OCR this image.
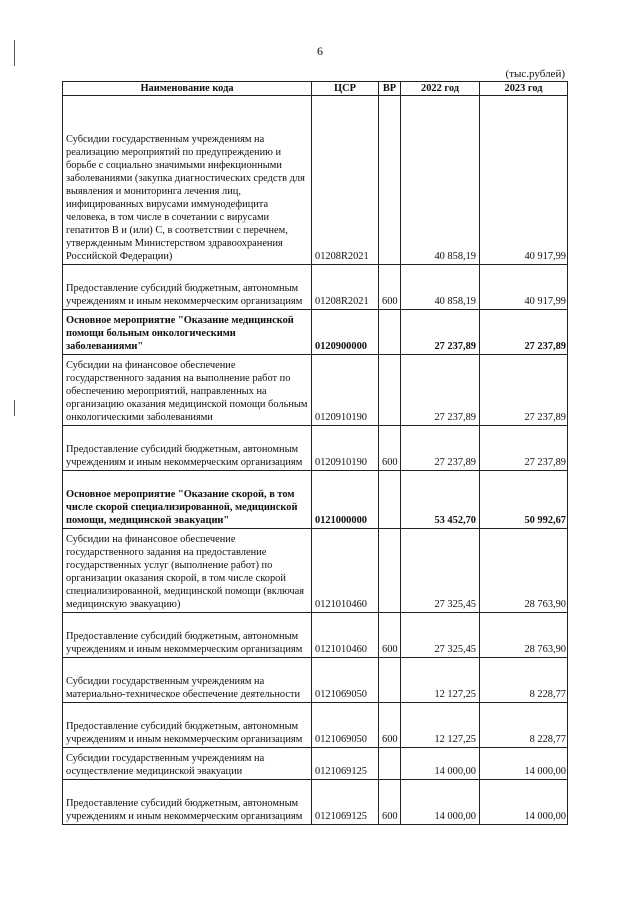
6
(тыс.рублей)
Наименование кода	ЦСР	ВР	2022 год	2023 год
Субсидии государственным учреждениям на реализацию мероприятий по предупреждению и борьбе с социально значимыми инфекционными заболеваниями (закупка диагностических средств для выявления и мониторинга лечения лиц, инфицированных вирусами иммунодефицита человека, в том числе в сочетании с вирусами гепатитов В и (или) С, в соответствии с перечнем, утвержденным Министерством здравоохранения Российской Федерации)	01208R2021		40 858,19	40 917,99
Предоставление субсидий бюджетным, автономным учреждениям и иным некоммерческим организациям	01208R2021	600	40 858,19	40 917,99
Основное мероприятие "Оказание медицинской помощи больным онкологическими заболеваниями"	0120900000		27 237,89	27 237,89
Субсидии на финансовое обеспечение государственного задания на выполнение работ по обеспечению мероприятий, направленных на организацию оказания медицинской помощи больным онкологическими заболеваниями	0120910190		27 237,89	27 237,89
Предоставление субсидий бюджетным, автономным учреждениям и иным некоммерческим организациям	0120910190	600	27 237,89	27 237,89
Основное мероприятие "Оказание скорой, в том числе скорой специализированной, медицинской помощи, медицинской эвакуации"	0121000000		53 452,70	50 992,67
Субсидии на финансовое обеспечение государственного задания на предоставление государственных услуг (выполнение работ) по организации оказания скорой, в том числе скорой специализированной, медицинской помощи (включая медицинскую эвакуацию)	0121010460		27 325,45	28 763,90
Предоставление субсидий бюджетным, автономным учреждениям и иным некоммерческим организациям	0121010460	600	27 325,45	28 763,90
Субсидии государственным учреждениям на материально-техническое обеспечение деятельности	0121069050		12 127,25	8 228,77
Предоставление субсидий бюджетным, автономным учреждениям и иным некоммерческим организациям	0121069050	600	12 127,25	8 228,77
Субсидии государственным учреждениям на осуществление медицинской эвакуации	0121069125		14 000,00	14 000,00
Предоставление субсидий бюджетным, автономным учреждениям и иным некоммерческим организациям	0121069125	600	14 000,00	14 000,00
